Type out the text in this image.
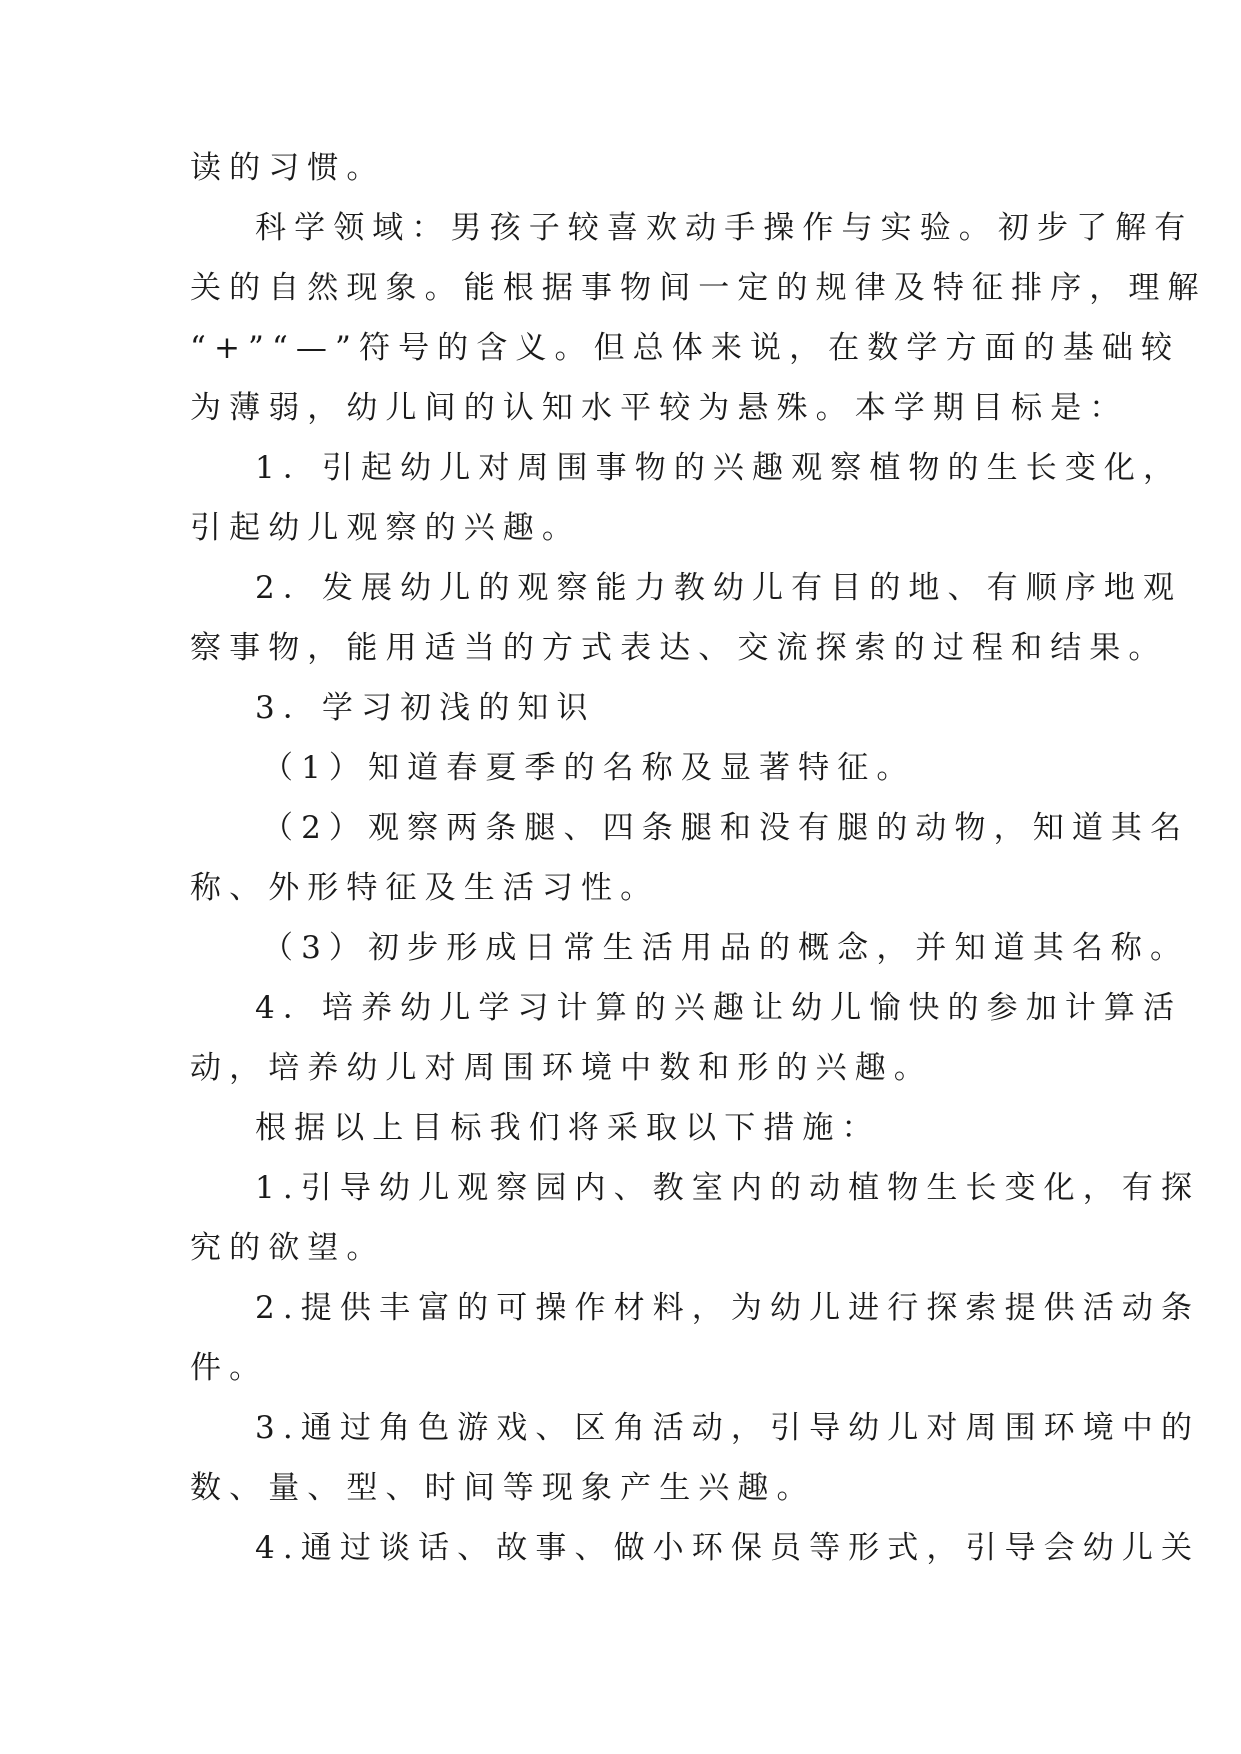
读的习惯。
科学领域：男孩子较喜欢动手操作与实验。初步了解有
关的自然现象。能根据事物间一定的规律及特征排序，理解
“+”“—”符号的含义。但总体来说，在数学方面的基础较
为薄弱，幼儿间的认知水平较为悬殊。本学期目标是：
1．引起幼儿对周围事物的兴趣观察植物的生长变化，
引起幼儿观察的兴趣。
2．发展幼儿的观察能力教幼儿有目的地、有顺序地观
察事物，能用适当的方式表达、交流探索的过程和结果。
3．学习初浅的知识
（1）知道春夏季的名称及显著特征。
（2）观察两条腿、四条腿和没有腿的动物，知道其名
称、外形特征及生活习性。
（3）初步形成日常生活用品的概念，并知道其名称。
4．培养幼儿学习计算的兴趣让幼儿愉快的参加计算活
动，培养幼儿对周围环境中数和形的兴趣。
根据以上目标我们将采取以下措施：
1.引导幼儿观察园内、教室内的动植物生长变化，有探
究的欲望。
2.提供丰富的可操作材料，为幼儿进行探索提供活动条
件。
3.通过角色游戏、区角活动，引导幼儿对周围环境中的
数、量、型、时间等现象产生兴趣。
4.通过谈话、故事、做小环保员等形式，引导会幼儿关
